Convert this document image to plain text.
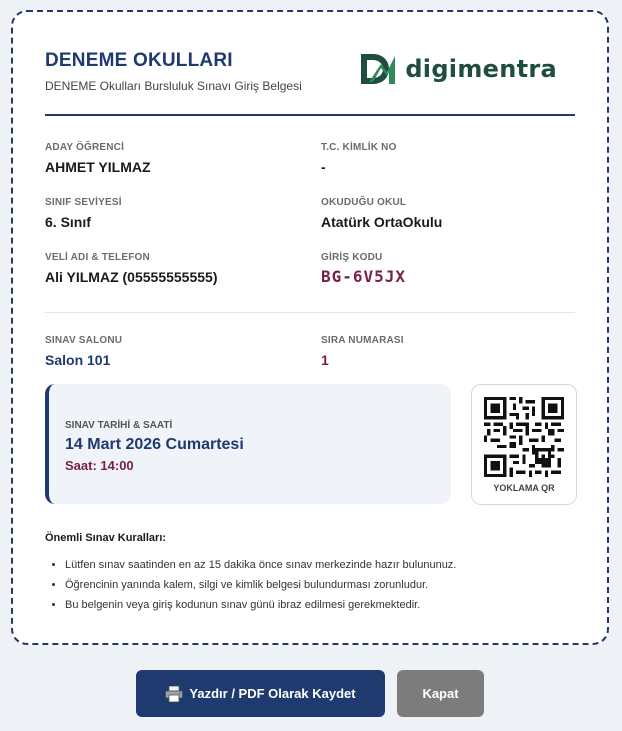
DENEME OKULLARI
DENEME Okulları Bursluluk Sınavı Giriş Belgesi
digimentra
ADAY ÖĞRENCİ
AHMET YILMAZ
T.C. KİMLİK NO
-
SINIF SEVİYESİ
6. Sınıf
OKUDUĞU OKUL
Atatürk OrtaOkulu
VELİ ADI & TELEFON
Ali YILMAZ (05555555555)
GİRİŞ KODU
BG-6V5JX
SINAV SALONU
Salon 101
SIRA NUMARASI
1
SINAV TARİHİ & SAATİ
14 Mart 2026 Cumartesi
Saat: 14:00
YOKLAMA QR
Önemli Sınav Kuralları:
• Lütfen sınav saatinden en az 15 dakika önce sınav merkezinde hazır bulununuz.
• Öğrencinin yanında kalem, silgi ve kimlik belgesi bulundurması zorunludur.
• Bu belgenin veya giriş kodunun sınav günü ibraz edilmesi gerekmektedir.
Yazdır / PDF Olarak Kaydet	Kapat
